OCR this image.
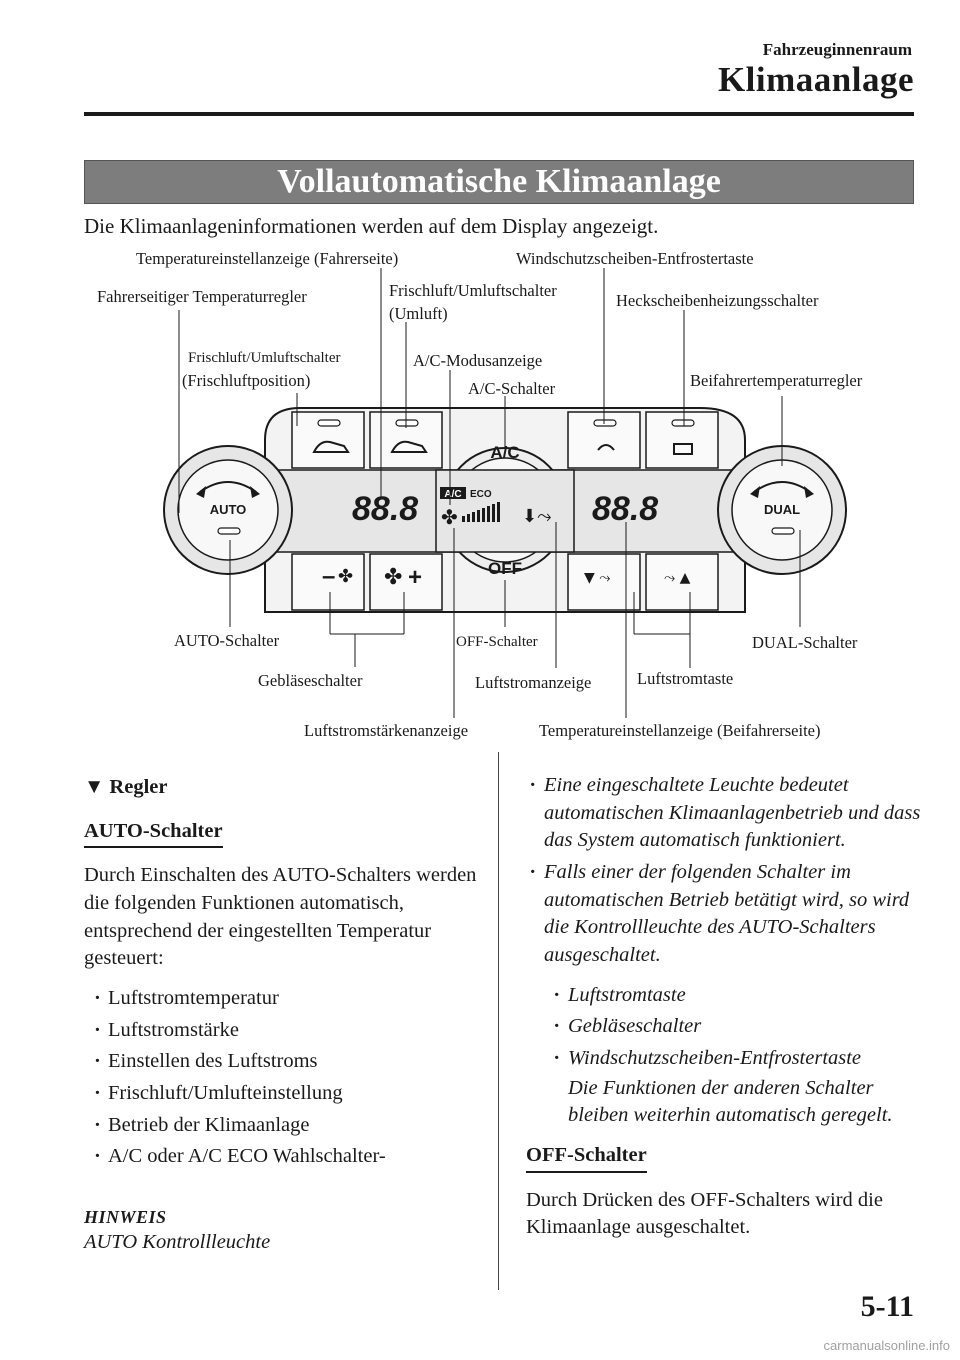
Fahrzeuginnenraum
Klimaanlage
Vollautomatische Klimaanlage
Die Klimaanlageninformationen werden auf dem Display angezeigt.
– ✤ ✤ +	▼ ⤳	⤳ ▲
AUTO	DUAL
A/C
OFF
88.8	88.8
A/C ECO
✤	⬇⤳
Temperatureinstellanzeige (Fahrerseite)	Windschutzscheiben-Entfrostertaste
Fahrerseitiger Temperaturregler	Frischluft/Umluftschalter
(Umluft)
Heckscheibenheizungsschalter
Frischluft/Umluftschalter
(Frischluftposition)
A/C-Modusanzeige
A/C-Schalter	Beifahrertemperaturregler
AUTO-Schalter	OFF-Schalter	DUAL-Schalter
Gebläseschalter	Luftstromanzeige	Luftstromtaste
Luftstromstärkenanzeige	Temperatureinstellanzeige (Beifahrerseite)
▼ Regler
AUTO-Schalter

Durch Einschalten des AUTO-Schalters werden die folgenden Funktionen automatisch, entsprechend der eingestellten Temperatur gesteuert:

· Luftstromtemperatur
· Luftstromstärke
· Einstellen des Luftstroms
· Frischluft/Umlufteinstellung
· Betrieb der Klimaanlage
· A/C oder A/C ECO Wahlschalter-
HINWEIS
AUTO Kontrollleuchte
· Eine eingeschaltete Leuchte bedeutet automatischen Klimaanlagenbetrieb und dass das System automatisch funktioniert.
· Falls einer der folgenden Schalter im automatischen Betrieb betätigt wird, so wird die Kontrollleuchte des AUTO-Schalters ausgeschaltet.
· Luftstromtaste
· Gebläseschalter
· Windschutzscheiben-Entfrostertaste

Die Funktionen der anderen Schalter bleiben weiterhin automatisch geregelt.

OFF-Schalter

Durch Drücken des OFF-Schalters wird die Klimaanlage ausgeschaltet.

5-11
carmanualsonline.info
